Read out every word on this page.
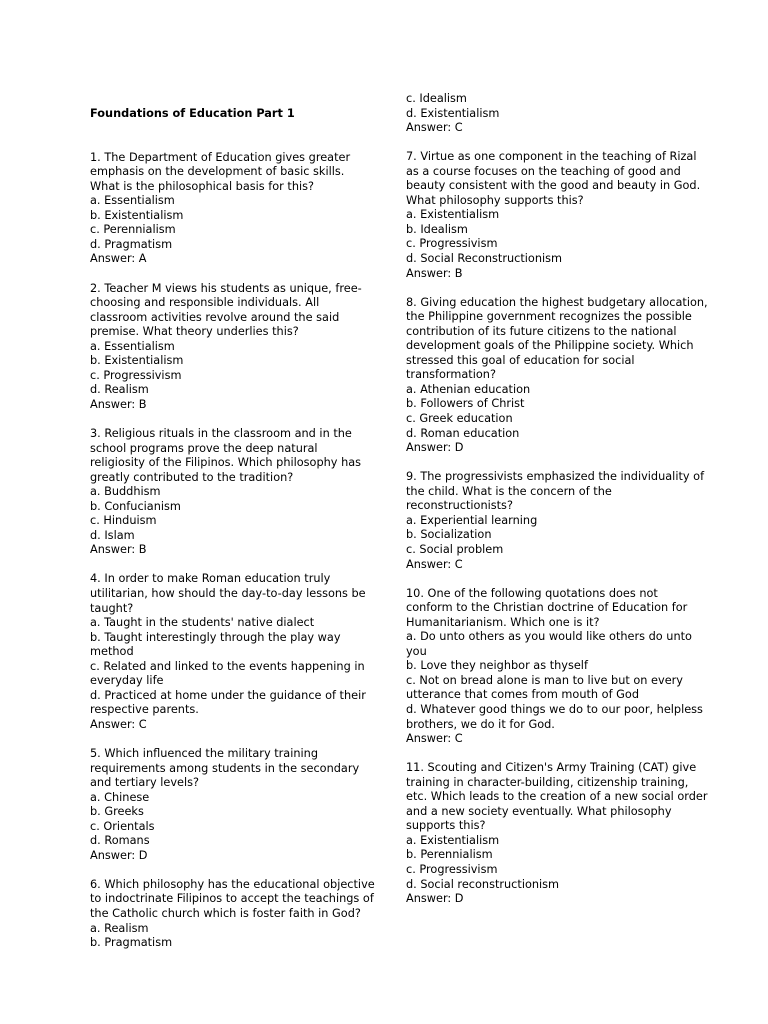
Foundations of Education Part 1
1. The Department of Education gives greater emphasis on the development of basic skills. What is the philosophical basis for this?
a. Essentialism
b. Existentialism
c. Perennialism
d. Pragmatism
Answer: A
2. Teacher M views his students as unique, free-choosing and responsible individuals. All classroom activities revolve around the said premise. What theory underlies this?
a. Essentialism
b. Existentialism
c. Progressivism
d. Realism
Answer: B
3. Religious rituals in the classroom and in the school programs prove the deep natural religiosity of the Filipinos. Which philosophy has greatly contributed to the tradition?
a. Buddhism
b. Confucianism
c. Hinduism
d. Islam
Answer: B
4. In order to make Roman education truly utilitarian, how should the day-to-day lessons be taught?
a. Taught in the students' native dialect
b. Taught interestingly through the play way method
c. Related and linked to the events happening in everyday life
d. Practiced at home under the guidance of their respective parents.
Answer: C
5. Which influenced the military training requirements among students in the secondary and tertiary levels?
a. Chinese
b. Greeks
c. Orientals
d. Romans
Answer: D
6. Which philosophy has the educational objective to indoctrinate Filipinos to accept the teachings of the Catholic church which is foster faith in God?
a. Realism
b. Pragmatism
c. Idealism
d. Existentialism
Answer: C
7. Virtue as one component in the teaching of Rizal as a course focuses on the teaching of good and beauty consistent with the good and beauty in God. What philosophy supports this?
a. Existentialism
b. Idealism
c. Progressivism
d. Social Reconstructionism
Answer: B
8. Giving education the highest budgetary allocation, the Philippine government recognizes the possible contribution of its future citizens to the national development goals of the Philippine society. Which stressed this goal of education for social transformation?
a. Athenian education
b. Followers of Christ
c. Greek education
d. Roman education
Answer: D
9. The progressivists emphasized the individuality of the child. What is the concern of the reconstructionists?
a. Experiential learning
b. Socialization
c. Social problem
Answer: C
10. One of the following quotations does not conform to the Christian doctrine of Education for Humanitarianism. Which one is it?
a. Do unto others as you would like others do unto you
b. Love they neighbor as thyself
c. Not on bread alone is man to live but on every utterance that comes from mouth of God
d. Whatever good things we do to our poor, helpless brothers, we do it for God.
Answer: C
11. Scouting and Citizen's Army Training (CAT) give training in character-building, citizenship training, etc. Which leads to the creation of a new social order and a new society eventually. What philosophy supports this?
a. Existentialism
b. Perennialism
c. Progressivism
d. Social reconstructionism
Answer: D
